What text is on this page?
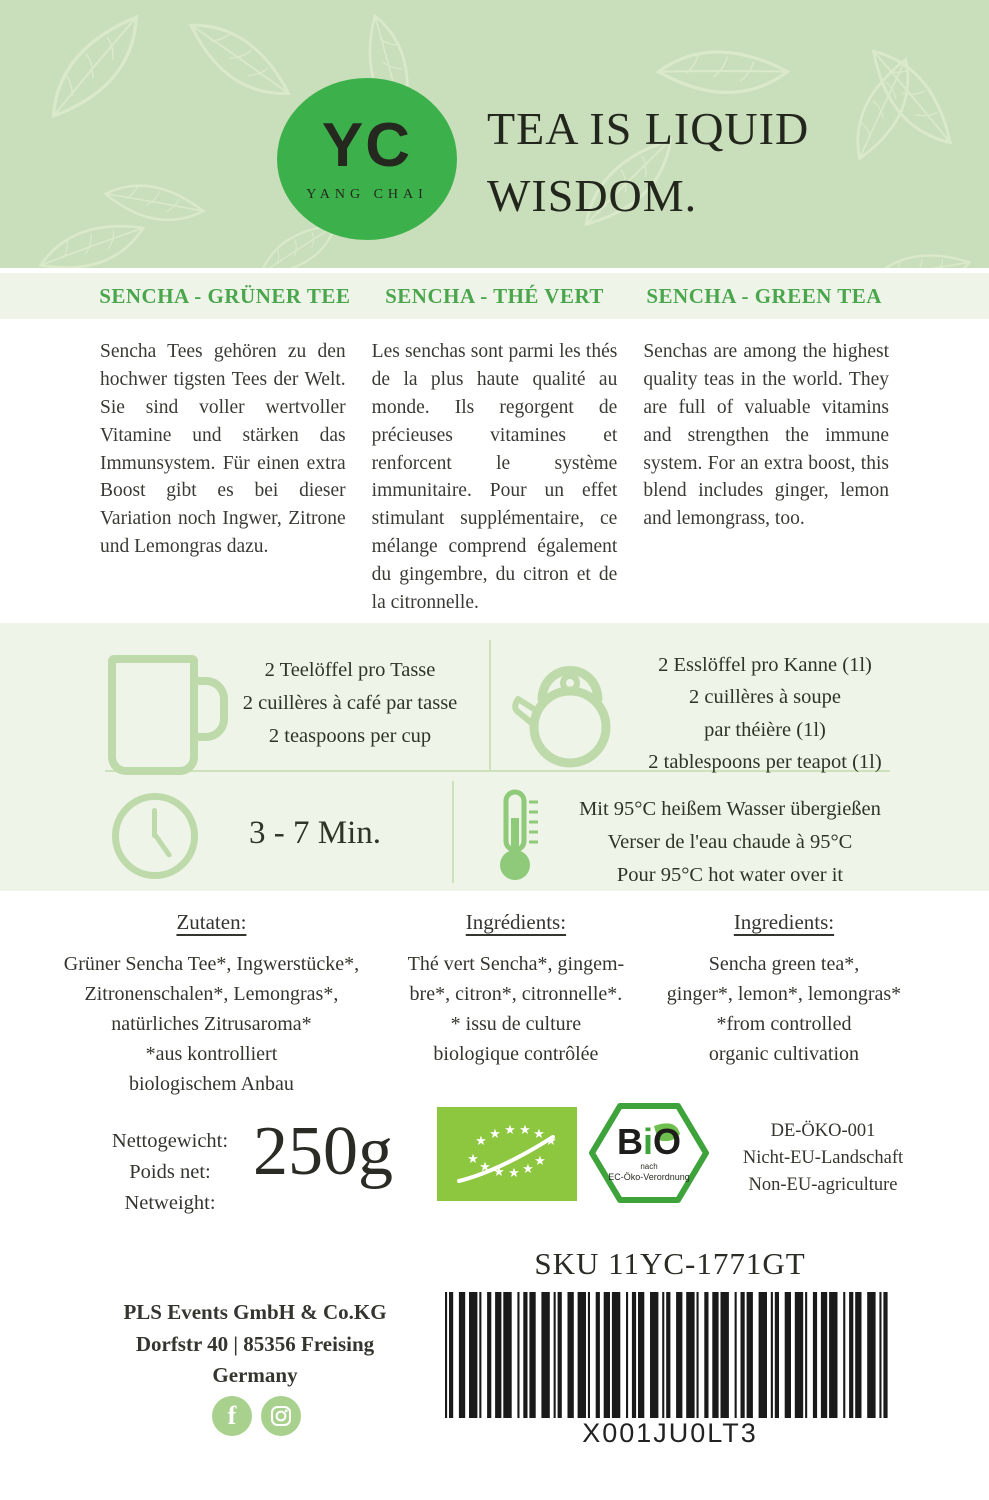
YC
YANG CHAI
TEA IS LIQUID
WISDOM.
SENCHA - GRÜNER TEE	SENCHA - THÉ VERT	SENCHA - GREEN TEA

Sencha Tees gehören zu den hochwer tigsten Tees der Welt. Sie sind voller wertvoller Vitamine und stärken das Immunsystem. Für einen extra Boost gibt es bei dieser Variation noch Ingwer, Zitrone und Lemongras dazu.

Les senchas sont parmi les thés de la plus haute qualité au monde. Ils regorgent de précieuses vitamines et renforcent le système immunitaire. Pour un effet stimulant supplémentaire, ce mélange comprend également du gingembre, du citron et de la citronnelle.

Senchas are among the highest quality teas in the world. They are full of valuable vitamins and strengthen the immune system. For an extra boost, this blend includes ginger, lemon and lemongrass, too.

2 Teelöffel pro Tasse
2 cuillères à café par tasse
2 teaspoons per cup
2 Esslöffel pro Kanne (1l)
2 cuillères à soupe
par théière (1l)
2 tablespoons per teapot (1l)
3 - 7 Min.
Mit 95°C heißem Wasser übergießen
Verser de l'eau chaude à 95°C
Pour 95°C hot water over it
Zutaten:
Grüner Sencha Tee*, Ingwerstücke*,
Zitronenschalen*, Lemongras*,
natürliches Zitrusaroma*
*aus kontrolliert
biologischem Anbau
Ingrédients:
Thé vert Sencha*, gingem-
bre*, citron*, citronnelle*.
* issu de culture
biologique contrôlée
Ingredients:
Sencha green tea*,
ginger*, lemon*, lemongras*
*from controlled
organic cultivation
Nettogewicht:
Poids net:
Netweight:
250g	★ ★ ★ ★ ★ ★
★
★ ★ ★ ★
★	BiO
nach
EC-Öko-Verordnung
DE-ÖKO-001
Nicht-EU-Landschaft
Non-EU-agriculture
SKU 11YC-1771GT
X001JU0LT3
PLS Events GmbH & Co.KG
Dorfstr 40 | 85356 Freising
Germany
f
